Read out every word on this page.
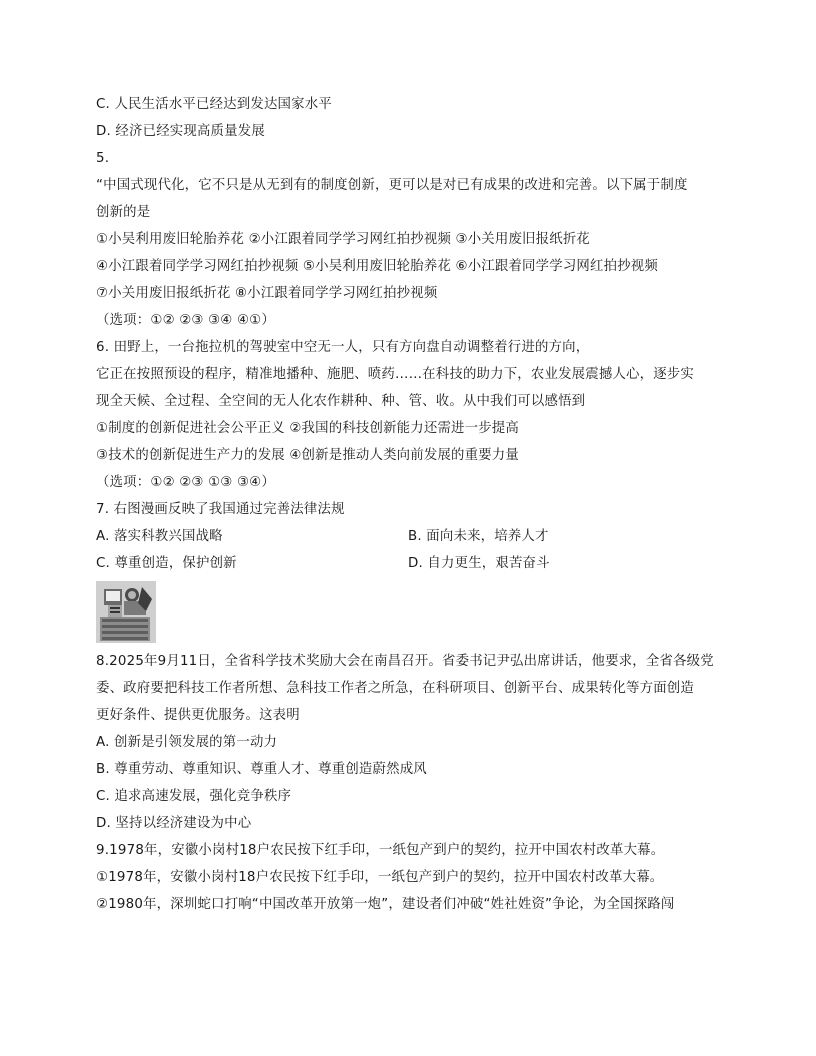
C. 人民生活水平已经达到发达国家水平
D. 经济已经实现高质量发展
5.
“中国式现代化，它不只是从无到有的制度创新，更可以是对已有成果的改进和完善。以下属于制度
创新的是
①小吴利用废旧轮胎养花 ②小江跟着同学学习网红拍抄视频 ③小关用废旧报纸折花
④小江跟着同学学习网红拍抄视频 ⑤小吴利用废旧轮胎养花 ⑥小江跟着同学学习网红拍抄视频
⑦小关用废旧报纸折花 ⑧小江跟着同学学习网红拍抄视频
（选项：①② ②③ ③④ ④①）
6. 田野上，一台拖拉机的驾驶室中空无一人，只有方向盘自动调整着行进的方向，
它正在按照预设的程序，精准地播种、施肥、喷药……在科技的助力下，农业发展震撼人心，逐步实
现全天候、全过程、全空间的无人化农作耕种、种、管、收。从中我们可以感悟到
①制度的创新促进社会公平正义 ②我国的科技创新能力还需进一步提高
③技术的创新促进生产力的发展 ④创新是推动人类向前发展的重要力量
（选项：①② ②③ ①③ ③④）
7. 右图漫画反映了我国通过完善法律法规
A. 落实科教兴国战略	B. 面向未来，培养人才
C. 尊重创造，保护创新	D. 自力更生，艰苦奋斗
8.2025年9月11日，全省科学技术奖励大会在南昌召开。省委书记尹弘出席讲话，他要求，全省各级党
委、政府要把科技工作者所想、急科技工作者之所急，在科研项目、创新平台、成果转化等方面创造
更好条件、提供更优服务。这表明
A. 创新是引领发展的第一动力
B. 尊重劳动、尊重知识、尊重人才、尊重创造蔚然成风
C. 追求高速发展，强化竞争秩序
D. 坚持以经济建设为中心
9.1978年，安徽小岗村18户农民按下红手印，一纸包产到户的契约，拉开中国农村改革大幕。
①1978年，安徽小岗村18户农民按下红手印，一纸包产到户的契约，拉开中国农村改革大幕。
②1980年，深圳蛇口打响“中国改革开放第一炮”，建设者们冲破“姓社姓资”争论，为全国探路闯
